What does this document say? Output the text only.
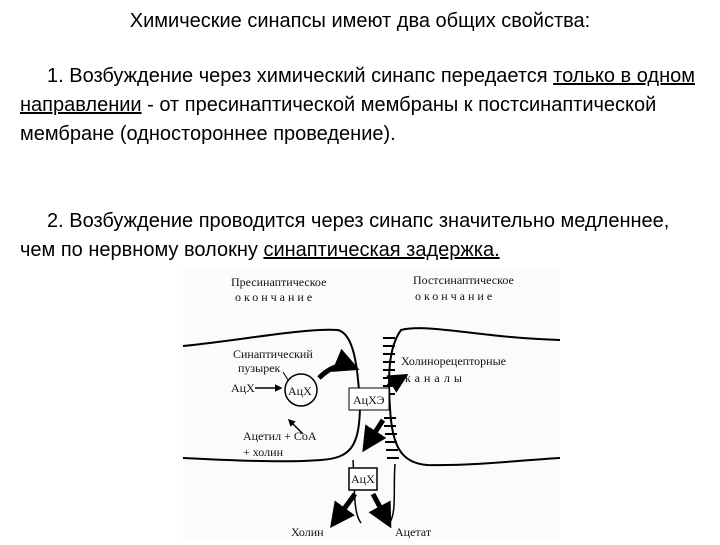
Химические синапсы имеют два общих свойства:

1. Возбуждение через химический синапс передается только в одном направлении - от пресинаптической мембраны к постсинаптической мембране (одностороннее проведение).

2. Возбуждение проводится через синапс значительно медленнее, чем по нервному волокну синаптическая задержка.

Пресинаптическое
окончание
Постсинаптическое
окончание
Синаптический
пузырек
АцХ
АцХ
АцХЭ
Холинорецепторные
каналы
Ацетил + СоА
+ холин
АцХ
Холин	Ацетат
